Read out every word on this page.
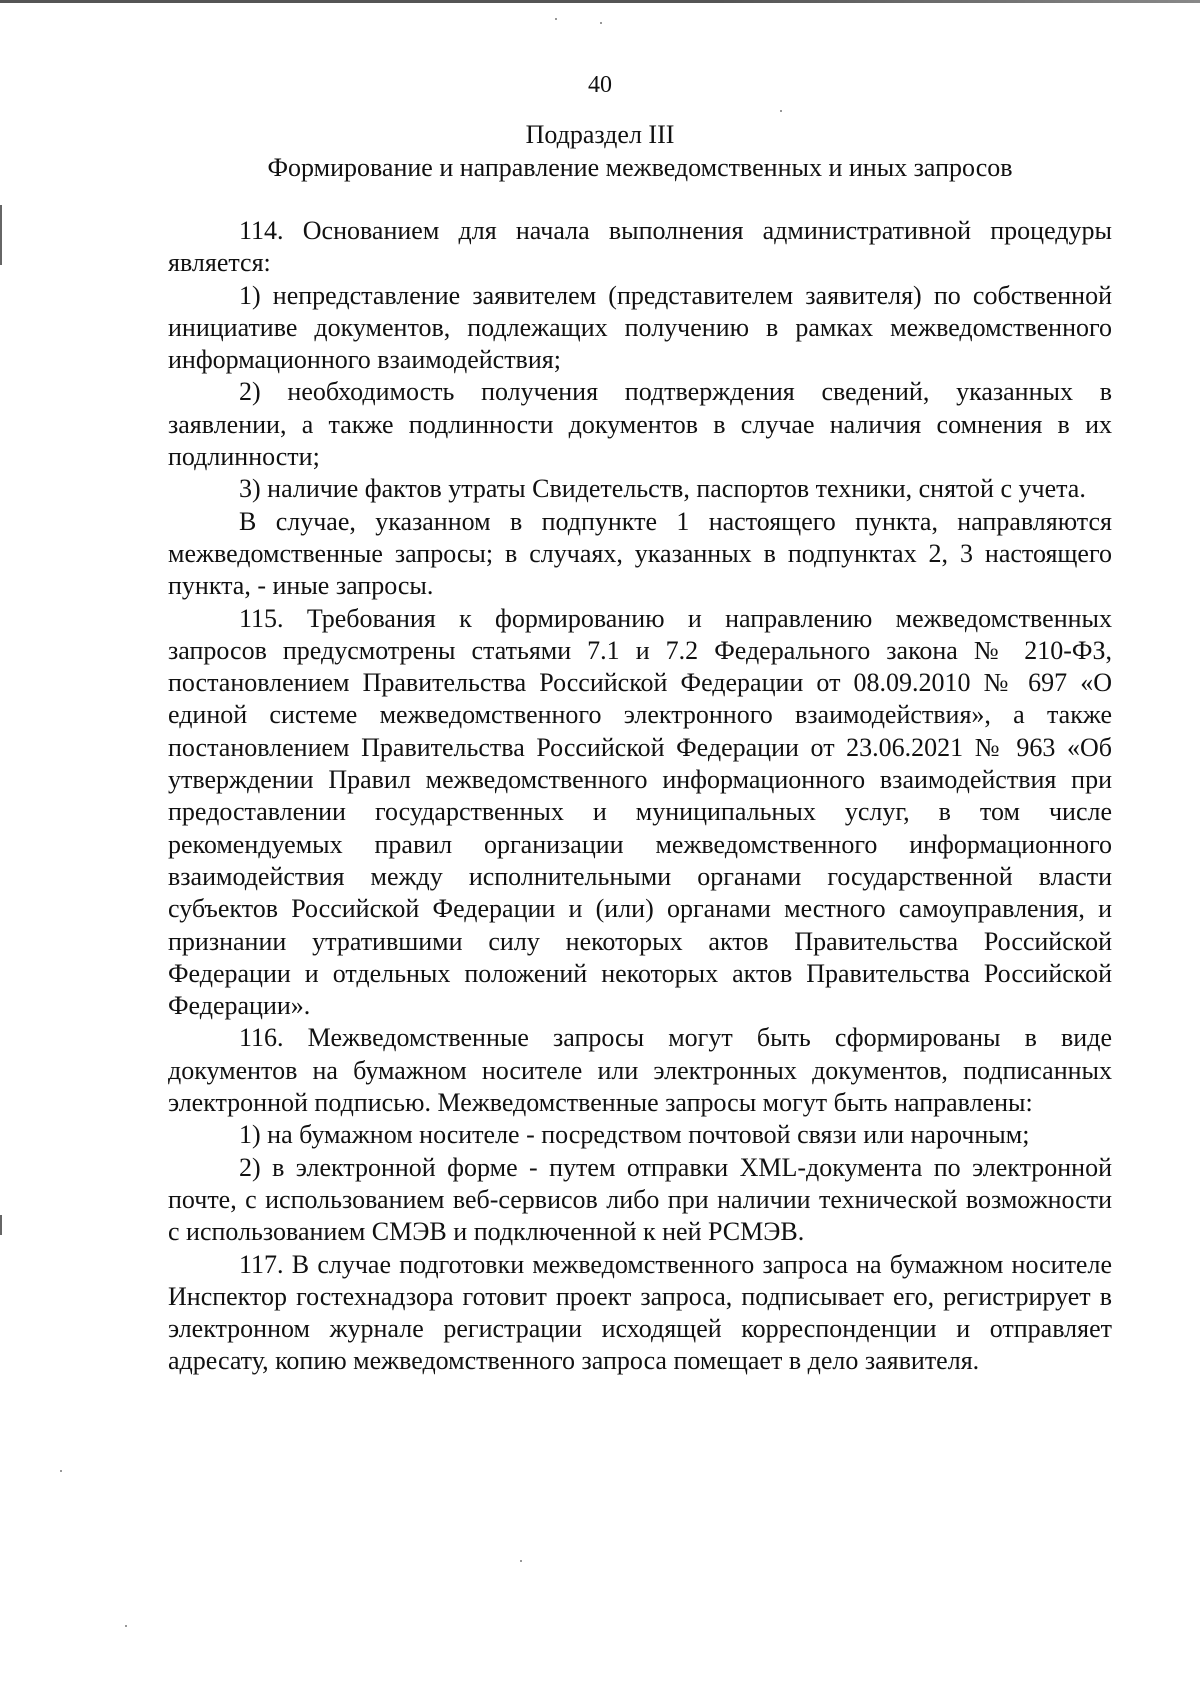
40
Подраздел III
Формирование и направление межведомственных и иных запросов

114. Основанием для начала выполнения административной процедуры является:

1) непредставление заявителем (представителем заявителя) по собственной инициативе документов, подлежащих получению в рамках межведомственного информационного взаимодействия;

2) необходимость получения подтверждения сведений, указанных в заявлении, а также подлинности документов в случае наличия сомнения в их подлинности;

3) наличие фактов утраты Свидетельств, паспортов техники, снятой с учета.

В случае, указанном в подпункте 1 настоящего пункта, направляются межведомственные запросы; в случаях, указанных в подпунктах 2, 3 настоящего пункта, - иные запросы.

115. Требования к формированию и направлению межведомственных запросов предусмотрены статьями 7.1 и 7.2 Федерального закона № 210-ФЗ, постановлением Правительства Российской Федерации от 08.09.2010 № 697 «О единой системе межведомственного электронного взаимодействия», а также постановлением Правительства Российской Федерации от 23.06.2021 № 963 «Об утверждении Правил межведомственного информационного взаимодействия при предоставлении государственных и муниципальных услуг, в том числе рекомендуемых правил организации межведомственного информационного взаимодействия между исполнительными органами государственной власти субъектов Российской Федерации и (или) органами местного самоуправления, и признании утратившими силу некоторых актов Правительства Российской Федерации и отдельных положений некоторых актов Правительства Российской Федерации».

116. Межведомственные запросы могут быть сформированы в виде документов на бумажном носителе или электронных документов, подписанных электронной подписью. Межведомственные запросы могут быть направлены:

1) на бумажном носителе - посредством почтовой связи или нарочным;

2) в электронной форме - путем отправки XML-документа по электронной почте, с использованием веб-сервисов либо при наличии технической возможности с использованием СМЭВ и подключенной к ней РСМЭВ.

117. В случае подготовки межведомственного запроса на бумажном носителе Инспектор гостехнадзора готовит проект запроса, подписывает его, регистрирует в электронном журнале регистрации исходящей корреспонденции и отправляет адресату, копию межведомственного запроса помещает в дело заявителя.
